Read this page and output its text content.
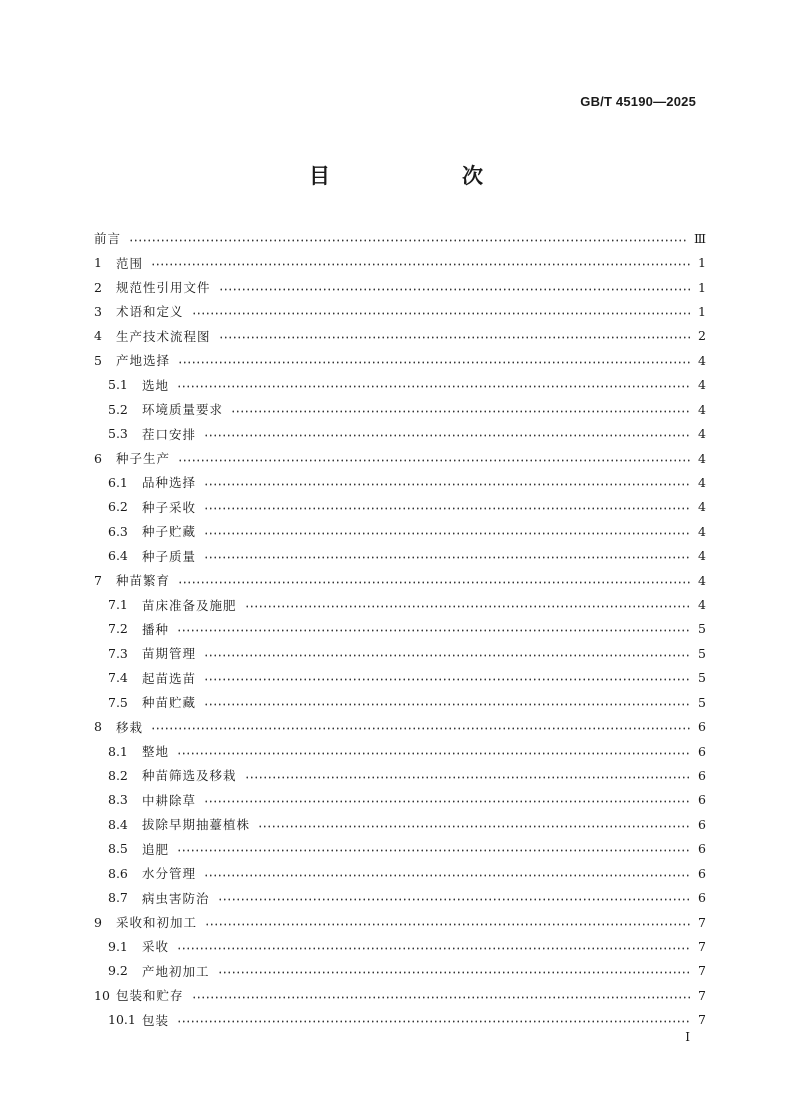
GB/T 45190—2025
目　　次
前言	Ⅲ
1	范围	1
2	规范性引用文件	1
3	术语和定义	1
4	生产技术流程图	2
5	产地选择	4
5.1	选地	4
5.2	环境质量要求	4
5.3	茬口安排	4
6	种子生产	4
6.1	品种选择	4
6.2	种子采收	4
6.3	种子贮藏	4
6.4	种子质量	4
7	种苗繁育	4
7.1	苗床准备及施肥	4
7.2	播种	5
7.3	苗期管理	5
7.4	起苗选苗	5
7.5	种苗贮藏	5
8	移栽	6
8.1	整地	6
8.2	种苗筛选及移栽	6
8.3	中耕除草	6
8.4	拔除早期抽薹植株	6
8.5	追肥	6
8.6	水分管理	6
8.7	病虫害防治	6
9	采收和初加工	7
9.1	采收	7
9.2	产地初加工	7
10 包装和贮存	7
10.1 包装	7
Ⅰ
